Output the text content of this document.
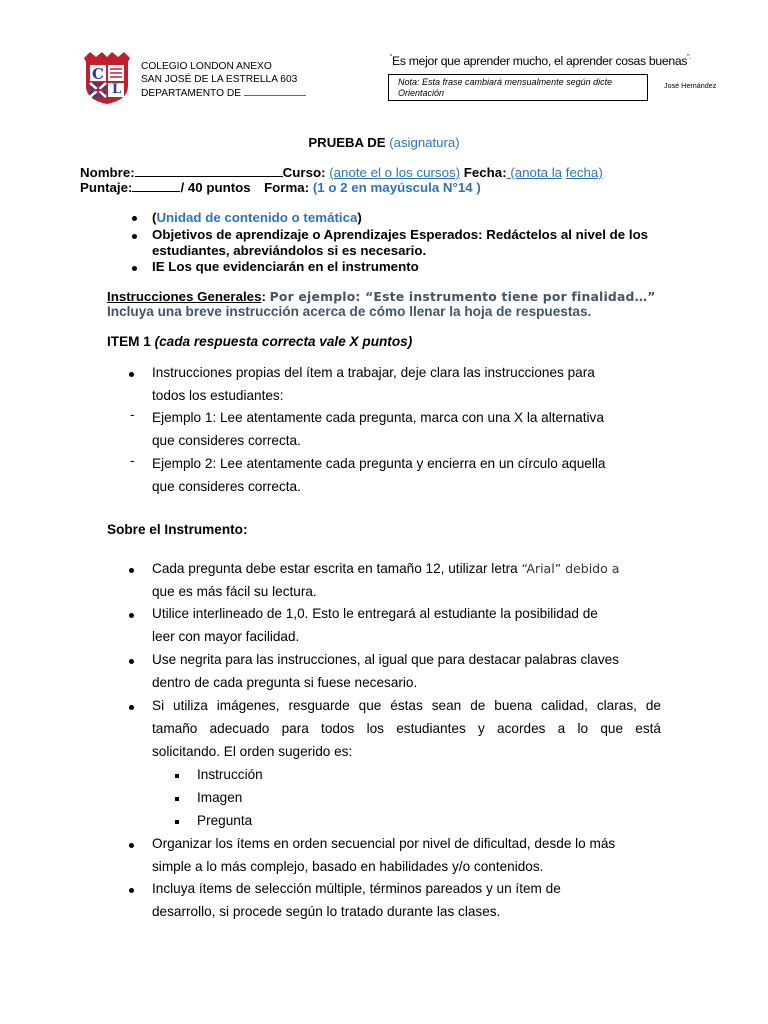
C
L
COLEGIO LONDON ANEXO
SAN JOSÉ DE LA ESTRELLA 603
DEPARTAMENTO DE
“Es mejor que aprender mucho, el aprender cosas buenas”.
Nota: Esta frase cambiará mensualmente según dicte Orientación
José Hernández
PRUEBA DE (asignatura)
Nombre:	Curso: (anote el o los cursos) Fecha: (anota la fecha)
Puntaje:	/ 40 puntos Forma: (1 o 2 en mayúscula N°14 )
(Unidad de contenido o temática)
Objetivos de aprendizaje o Aprendizajes Esperados: Redáctelos al nivel de los estudiantes, abreviándolos si es necesario.
IE Los que evidenciarán en el instrumento
Instrucciones Generales: Por ejemplo: “Este instrumento tiene por finalidad…”
Incluya una breve instrucción acerca de cómo llenar la hoja de respuestas.
ITEM 1 (cada respuesta correcta vale X puntos)
Instrucciones propias del ítem a trabajar, deje clara las instrucciones para
todos los estudiantes:
- Ejemplo 1: Lee atentamente cada pregunta, marca con una X la alternativa
que consideres correcta.
- Ejemplo 2: Lee atentamente cada pregunta y encierra en un círculo aquella
que consideres correcta.
Sobre el Instrumento:
Cada pregunta debe estar escrita en tamaño 12, utilizar letra “Arial” debido a
que es más fácil su lectura.
Utilice interlineado de 1,0. Esto le entregará al estudiante la posibilidad de
leer con mayor facilidad.
Use negrita para las instrucciones, al igual que para destacar palabras claves
dentro de cada pregunta si fuese necesario.
Si utiliza imágenes, resguarde que éstas sean de buena calidad, claras, de
tamaño adecuado para todos los estudiantes y acordes a lo que está
solicitando. El orden sugerido es:
Instrucción
Imagen
Pregunta
Organizar los ítems en orden secuencial por nivel de dificultad, desde lo más
simple a lo más complejo, basado en habilidades y/o contenidos.
Incluya ítems de selección múltiple, términos pareados y un ítem de
desarrollo, si procede según lo tratado durante las clases.
